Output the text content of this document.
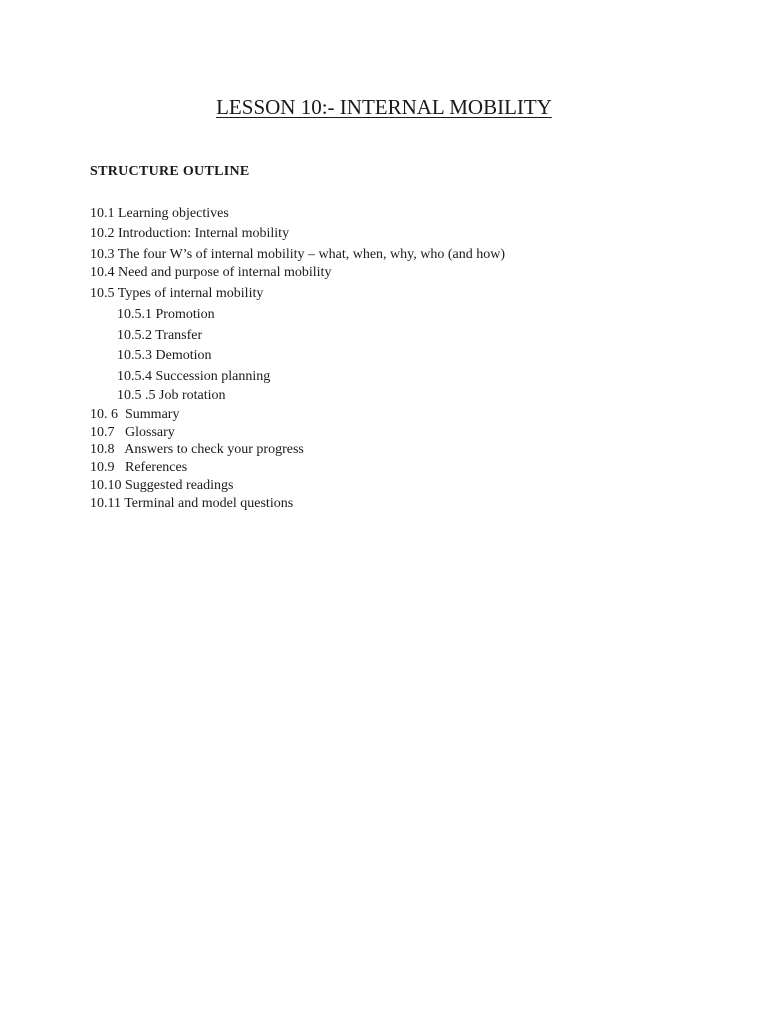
LESSON 10:- INTERNAL MOBILITY
STRUCTURE OUTLINE
10.1 Learning objectives
10.2 Introduction: Internal mobility
10.3 The four W’s of internal mobility – what, when, why, who (and how)
10.4 Need and purpose of internal mobility
10.5 Types of internal mobility
10.5.1 Promotion
10.5.2 Transfer
10.5.3 Demotion
10.5.4 Succession planning
10.5 .5 Job rotation
10. 6  Summary
10.7   Glossary
10.8   Answers to check your progress
10.9   References
10.10 Suggested readings
10.11 Terminal and model questions
